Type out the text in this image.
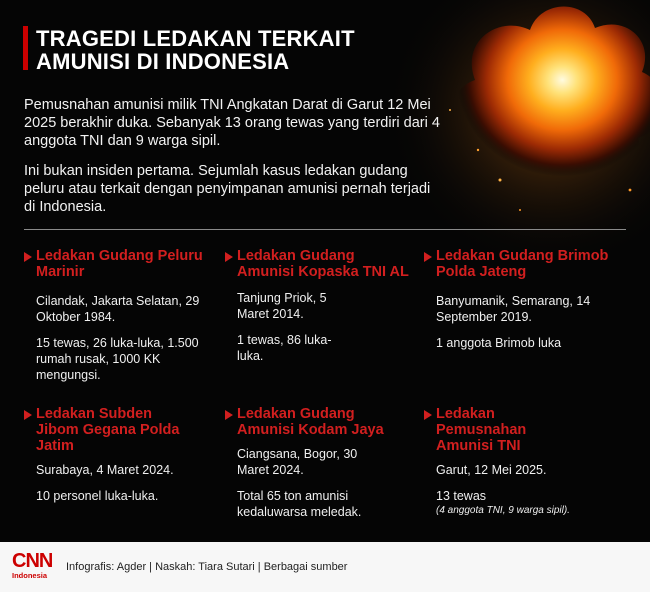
TRAGEDI LEDAKAN TERKAIT
AMUNISI DI INDONESIA

Pemusnahan amunisi milik TNI Angkatan Darat di Garut 12 Mei 2025 berakhir duka. Sebanyak 13 orang tewas yang terdiri dari 4 anggota TNI dan 9 warga sipil.

Ini bukan insiden pertama. Sejumlah kasus ledakan gudang peluru atau terkait dengan penyimpanan amunisi pernah terjadi di Indonesia.

Ledakan Gudang Peluru Marinir
Cilandak, Jakarta Selatan, 29 Oktober 1984.
15 tewas, 26 luka-luka, 1.500 rumah rusak, 1000 KK mengungsi.
Ledakan Gudang Amunisi Kopaska TNI AL
Tanjung Priok, 5 Maret 2014.
1 tewas, 86 luka-luka.
Ledakan Gudang Brimob Polda Jateng
Banyumanik, Semarang, 14 September 2019.
1 anggota Brimob luka
Ledakan Subden Jibom Gegana Polda Jatim
Surabaya, 4 Maret 2024.
10 personel luka-luka.
Ledakan Gudang Amunisi Kodam Jaya
Ciangsana, Bogor, 30 Maret 2024.
Total 65 ton amunisi kedaluwarsa meledak.
Ledakan Pemusnahan Amunisi TNI
Garut, 12 Mei 2025.
13 tewas
(4 anggota TNI, 9 warga sipil).
CNN
Indonesia
Infografis: Agder | Naskah: Tiara Sutari | Berbagai sumber
